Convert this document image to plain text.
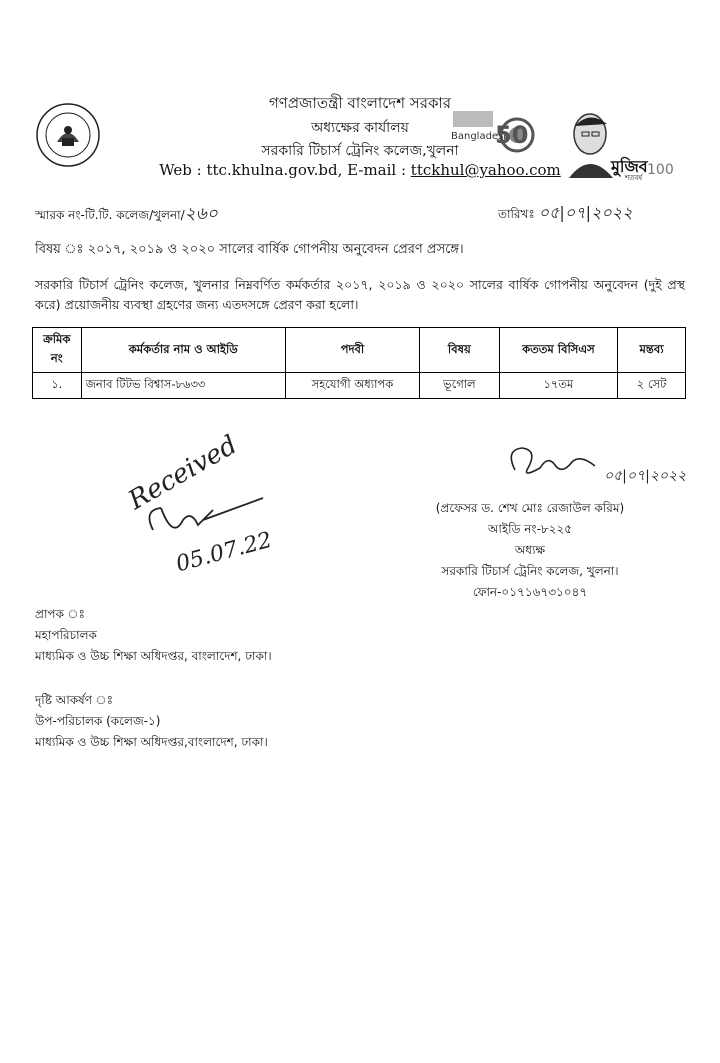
গণপ্রজাতন্ত্রী বাংলাদেশ সরকার
অধ্যক্ষের কার্যালয়
সরকারি টিচার্স ট্রেনিং কলেজ,খুলনা
Web : ttc.khulna.gov.bd, E-mail : ttckhul@yahoo.com
Bangladesh
50
মুজিব
শতবর্ষ 100
স্মারক নং-টি.টি. কলেজ/খুলনা/২৬০	তারিখঃ ০৫|০৭|২০২২
বিষয় ঃ ২০১৭, ২০১৯ ও ২০২০ সালের বার্ষিক গোপনীয় অনুবেদন প্রেরণ প্রসঙ্গে।
সরকারি টিচার্স ট্রেনিং কলেজ, খুলনার নিম্নবর্ণিত কর্মকর্তার ২০১৭, ২০১৯ ও ২০২০ সালের বার্ষিক গোপনীয় অনুবেদন (দুই প্রস্থ করে) প্রয়োজনীয় ব্যবস্থা গ্রহণের জন্য এতদসঙ্গে প্রেরণ করা হলো।
ক্রমিক নং	কর্মকর্তার নাম ও আইডি	পদবী	বিষয়	কততম বিসিএস	মন্তব্য
১.	জনাব টিটভ বিশ্বাস-৮৬৩৩	সহযোগী অধ্যাপক	ভূগোল	১৭তম	২ সেট
Received
05.07.22
০৫|০৭|২০২২
(প্রফেসর ড. শেখ মোঃ রেজাউল করিম)
আইডি নং-৮২২৫
অধ্যক্ষ
সরকারি টিচার্স ট্রেনিং কলেজ, খুলনা।
ফোন-০১৭১৬৭৩১০৪৭
প্রাপক ঃ
মহাপরিচালক
মাধ্যমিক ও উচ্চ শিক্ষা অধিদপ্তর, বাংলাদেশ, ঢাকা।
দৃষ্টি আকর্ষণ ঃ
উপ-পরিচালক (কলেজ-১)
মাধ্যমিক ও উচ্চ শিক্ষা অধিদপ্তর,বাংলাদেশ, ঢাকা।
